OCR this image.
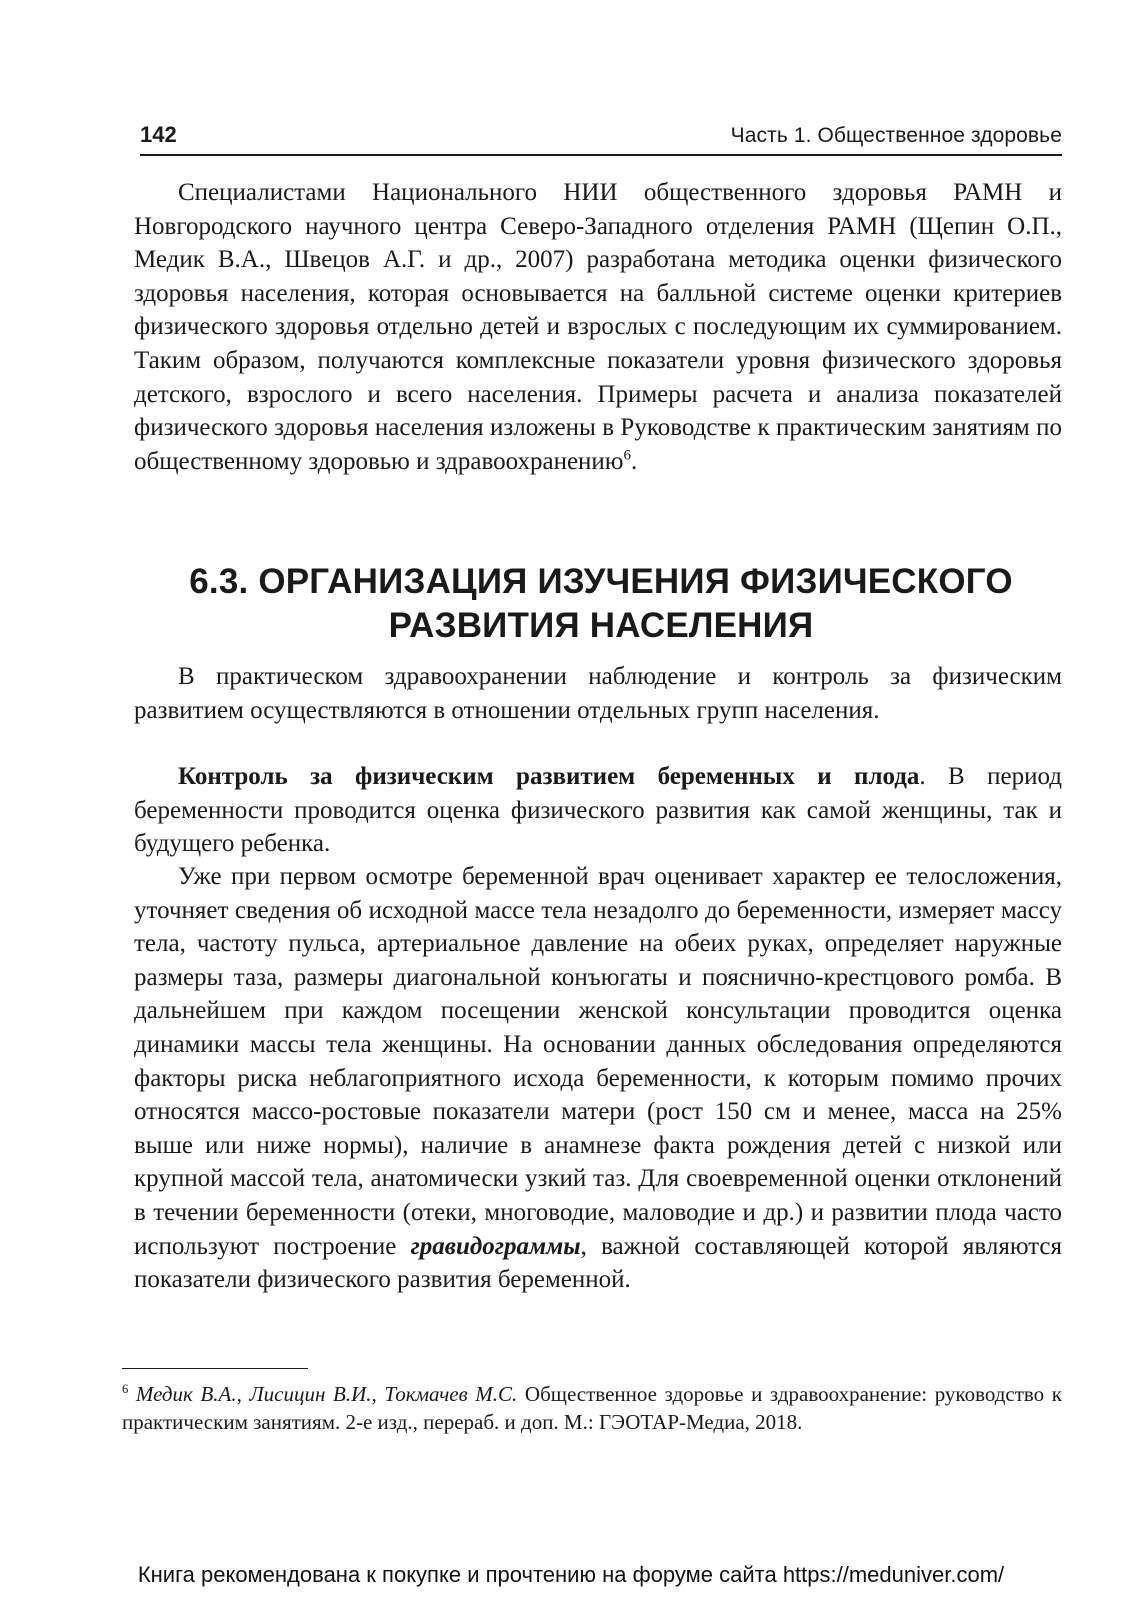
142	Часть 1. Общественное здоровье

Специалистами Национального НИИ общественного здоровья РАМН и Новгородского научного центра Северо-Западного отделения РАМН (Щепин О.П., Медик В.А., Швецов А.Г. и др., 2007) разработана методика оценки физического здоровья населения, которая основывается на балльной системе оценки критериев физического здоровья отдельно детей и взрослых с последующим их суммированием. Таким образом, получаются комплексные показатели уровня физического здоровья детского, взрослого и всего населения. Примеры расчета и анализа показателей физического здоровья населения изложены в Руководстве к практическим занятиям по общественному здоровью и здравоохранению$^6$.

6.3. ОРГАНИЗАЦИЯ ИЗУЧЕНИЯ ФИЗИЧЕСКОГО
РАЗВИТИЯ НАСЕЛЕНИЯ

В практическом здравоохранении наблюдение и контроль за физическим развитием осуществляются в отношении отдельных групп населения.

Контроль за физическим развитием беременных и плода. В период беременности проводится оценка физического развития как самой женщины, так и будущего ребенка.

Уже при первом осмотре беременной врач оценивает характер ее телосложения, уточняет сведения об исходной массе тела незадолго до беременности, измеряет массу тела, частоту пульса, артериальное давление на обеих руках, определяет наружные размеры таза, размеры диагональной конъюгаты и пояснично-крестцового ромба. В дальнейшем при каждом посещении женской консультации проводится оценка динамики массы тела женщины. На основании данных обследования определяются факторы риска неблагоприятного исхода беременности, к которым помимо прочих относятся массо-ростовые показатели матери (рост 150 см и менее, масса на 25% выше или ниже нормы), наличие в анамнезе факта рождения детей с низкой или крупной массой тела, анатомически узкий таз. Для своевременной оценки отклонений в течении беременности (отеки, многоводие, маловодие и др.) и развитии плода часто используют построение гравидограммы, важной составляющей которой являются показатели физического развития беременной.

$^6$ Медик В.А., Лисицин В.И., Токмачев М.С. Общественное здоровье и здравоохранение: руководство к практическим занятиям. 2-е изд., перераб. и доп. М.: ГЭОТАР-Медиа, 2018.

Книга рекомендована к покупке и прочтению на форуме сайта https://meduniver.com/
